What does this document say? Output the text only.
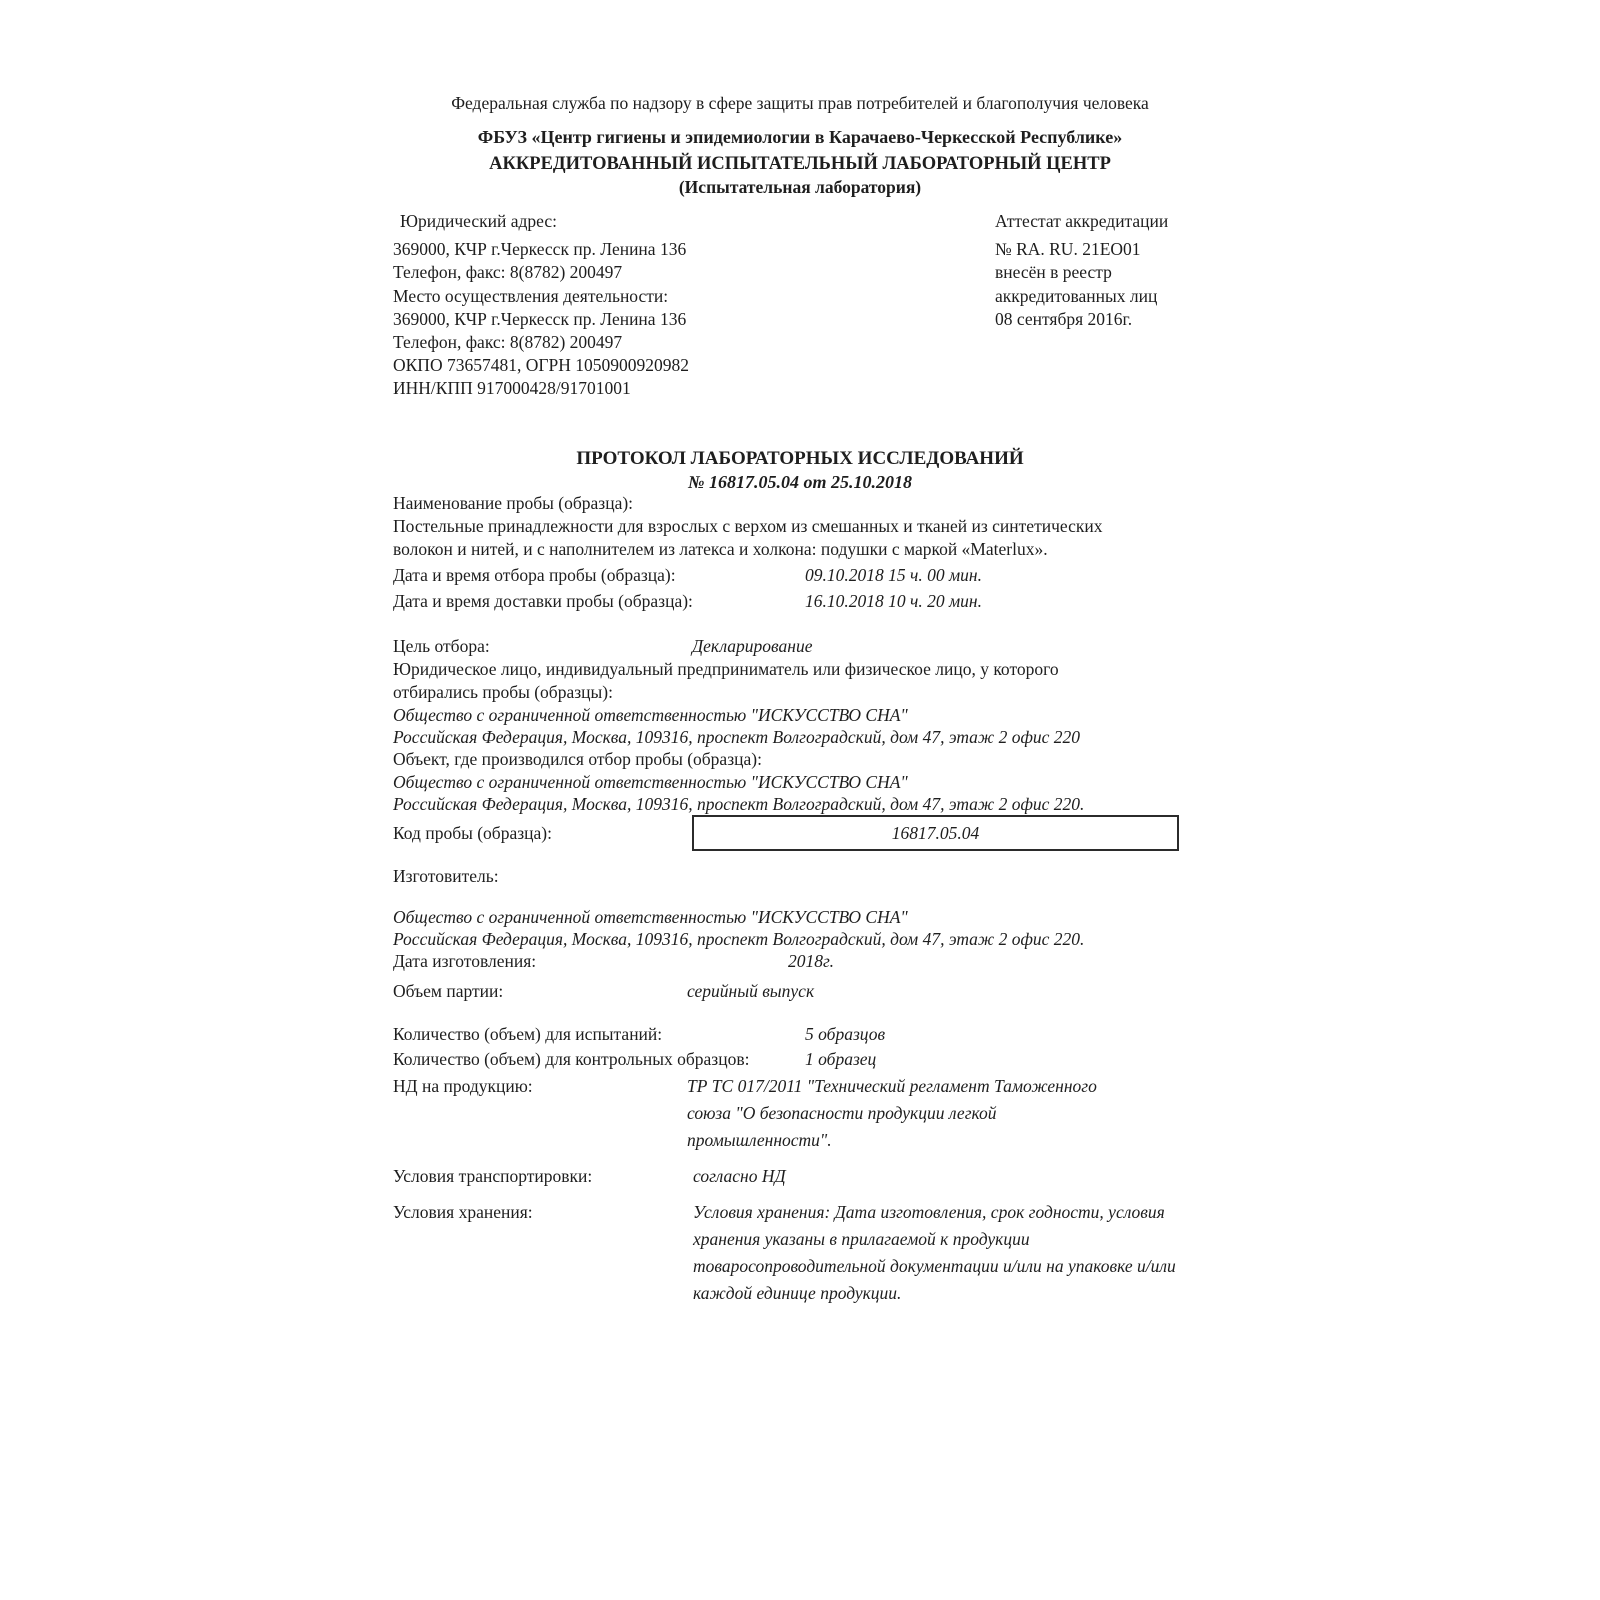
Федеральная служба по надзору в сфере защиты прав потребителей и благополучия человека
ФБУЗ «Центр гигиены и эпидемиологии в Карачаево-Черкесской Республике»
АККРЕДИТОВАННЫЙ ИСПЫТАТЕЛЬНЫЙ ЛАБОРАТОРНЫЙ ЦЕНТР
(Испытательная лаборатория)
Юридический адрес:
369000, КЧР г.Черкесск пр. Ленина 136
Телефон, факс: 8(8782) 200497
Место осуществления деятельности:
369000, КЧР г.Черкесск пр. Ленина 136
Телефон, факс: 8(8782) 200497
ОКПО 73657481, ОГРН 1050900920982
ИНН/КПП 917000428/91701001
Аттестат аккредитации
№ RA. RU. 21ЕО01
внесён в реестр
аккредитованных лиц
08 сентября 2016г.
ПРОТОКОЛ ЛАБОРАТОРНЫХ ИССЛЕДОВАНИЙ
№ 16817.05.04 от 25.10.2018
Наименование пробы (образца):
Постельные принадлежности для взрослых с верхом из смешанных и тканей из синтетических
волокон и нитей, и с наполнителем из латекса и холкона: подушки с маркой «Materlux».
Дата и время отбора пробы (образца):	09.10.2018 15 ч. 00 мин.
Дата и время доставки пробы (образца):	16.10.2018 10 ч. 20 мин.
Цель отбора:	Декларирование
Юридическое лицо, индивидуальный предприниматель или физическое лицо, у которого
отбирались пробы (образцы):
Общество с ограниченной ответственностью "ИСКУССТВО СНА"
Российская Федерация, Москва, 109316, проспект Волгоградский, дом 47, этаж 2 офис 220
Объект, где производился отбор пробы (образца):
Общество с ограниченной ответственностью "ИСКУССТВО СНА"
Российская Федерация, Москва, 109316, проспект Волгоградский, дом 47, этаж 2 офис 220.
Код пробы (образца):	16817.05.04
Изготовитель:
Общество с ограниченной ответственностью "ИСКУССТВО СНА"
Российская Федерация, Москва, 109316, проспект Волгоградский, дом 47, этаж 2 офис 220.
Дата изготовления:	2018г.
Объем партии:	серийный выпуск
Количество (объем) для испытаний:	5 образцов
Количество (объем) для контрольных образцов:	1 образец
НД на продукцию:	ТР ТС 017/2011 "Технический регламент Таможенного союза "О безопасности продукции легкой промышленности".
Условия транспортировки:	согласно НД
Условия хранения:	Условия хранения: Дата изготовления, срок годности, условия хранения указаны в прилагаемой к продукции товаросопроводительной документации и/или на упаковке и/или каждой единице продукции.
